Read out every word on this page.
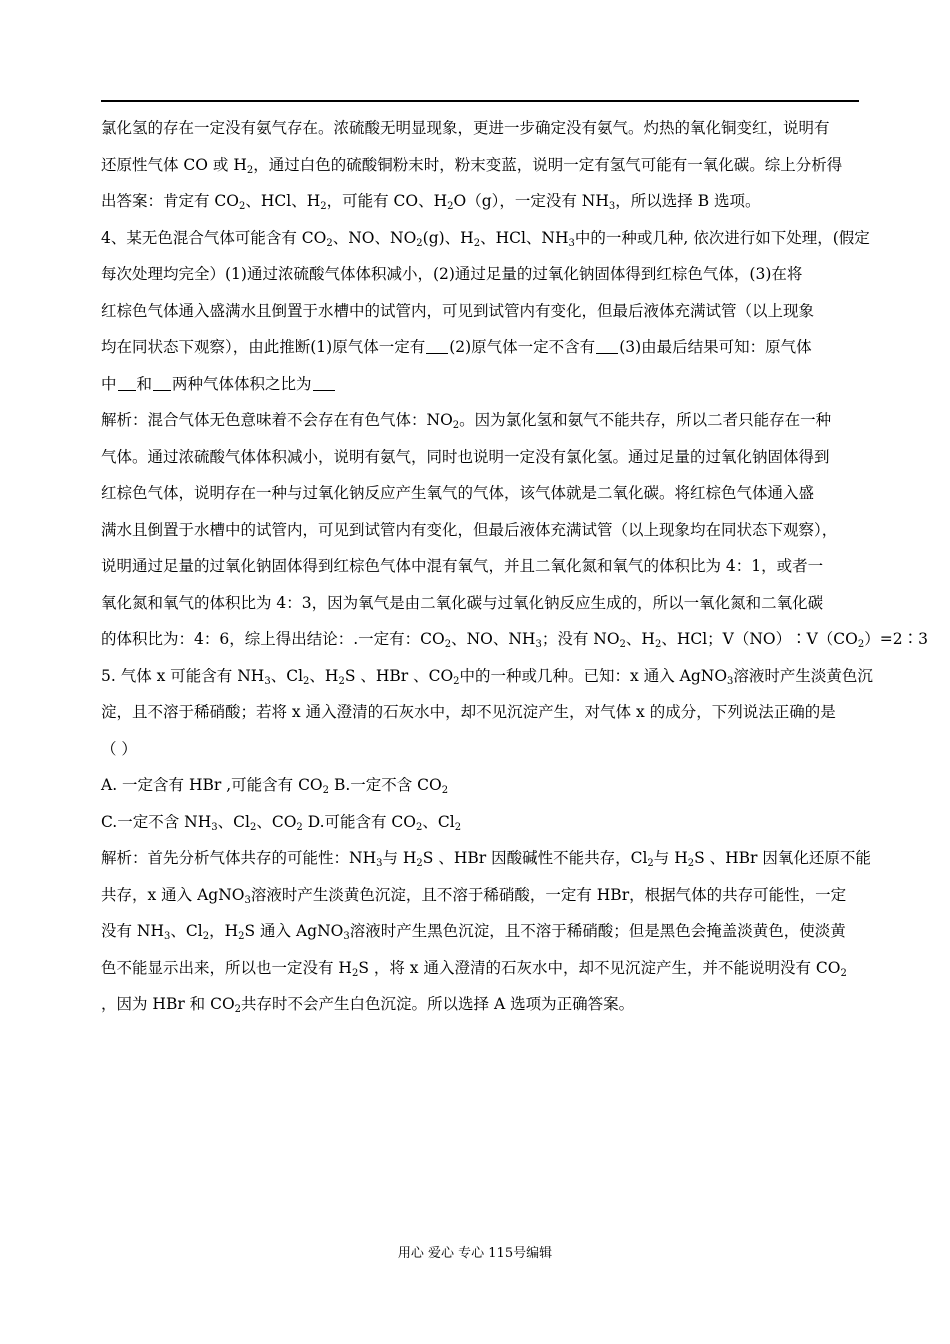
氯化氢的存在一定没有氨气存在。浓硫酸无明显现象，更进一步确定没有氨气。灼热的氧化铜变红，说明有
还原性气体 CO 或 $H_2$，通过白色的硫酸铜粉末时，粉末变蓝，说明一定有氢气可能有一氧化碳。综上分析得
出答案：肯定有 $CO_2$、HCl、$H_2$，可能有 CO、$H_2O(g)$，一定没有 $NH_3$，所以选择 B 选项。
4、某无色混合气体可能含有 $CO_2$、NO、$NO_2(g)$、$H_2$、HCl、$NH_3$中的一种或几种, 依次进行如下处理，(假定
每次处理均完全）(1)通过浓硫酸气体体积减小，(2)通过足量的过氧化钠固体得到红棕色气体，(3)在将
红棕色气体通入盛满水且倒置于水槽中的试管内，可见到试管内有变化，但最后液体充满试管（以上现象
均在同状态下观察），由此推断(1)原气体一定有 (2)原气体一定不含有 (3)由最后结果可知：原气体
中 和 两种气体体积之比为
解析：混合气体无色意味着不会存在有色气体：$NO_2$。因为氯化氢和氨气不能共存，所以二者只能存在一种
气体。通过浓硫酸气体体积减小，说明有氨气，同时也说明一定没有氯化氢。通过足量的过氧化钠固体得到
红棕色气体，说明存在一种与过氧化钠反应产生氧气的气体，该气体就是二氧化碳。将红棕色气体通入盛
满水且倒置于水槽中的试管内，可见到试管内有变化，但最后液体充满试管（以上现象均在同状态下观察），
说明通过足量的过氧化钠固体得到红棕色气体中混有氧气，并且二氧化氮和氧气的体积比为 4：1，或者一
氧化氮和氧气的体积比为 4：3，因为氧气是由二氧化碳与过氧化钠反应生成的，所以一氧化氮和二氧化碳
的体积比为：4：6，综上得出结论：.一定有：$CO_2$、NO、$NH_3$；没有 $NO_2$、$H_2$、HCl；$V(NO)∶V(CO_2)=2∶3$
5. 气体 x 可能含有 $NH_3$、$Cl_2$、$H_2S$ 、HBr 、$CO_2$中的一种或几种。已知：x 通入 AgNO$_3$溶液时产生淡黄色沉
淀，且不溶于稀硝酸；若将 x 通入澄清的石灰水中，却不见沉淀产生，对气体 x 的成分，下列说法正确的是
（ ）
A. 一定含有 HBr ,可能含有 $CO_2$ B.一定不含 $CO_2$
C.一定不含 $NH_3$、$Cl_2$、$CO_2$ D.可能含有 $CO_2$、$Cl_2$
解析：首先分析气体共存的可能性：$NH_3$与 $H_2S$ 、HBr 因酸碱性不能共存，$Cl_2$与 $H_2S$ 、HBr 因氧化还原不能
共存，x 通入 AgNO$_3$溶液时产生淡黄色沉淀，且不溶于稀硝酸，一定有 HBr，根据气体的共存可能性，一定
没有 $NH_3$、$Cl_2$，$H_2S$ 通入 AgNO$_3$溶液时产生黑色沉淀，且不溶于稀硝酸；但是黑色会掩盖淡黄色，使淡黄
色不能显示出来，所以也一定没有 $H_2S$ ，将 x 通入澄清的石灰水中，却不见沉淀产生，并不能说明没有 $CO_2$
，因为 HBr 和 $CO_2$共存时不会产生白色沉淀。所以选择 A 选项为正确答案。
用心 爱心 专心 115号编辑
